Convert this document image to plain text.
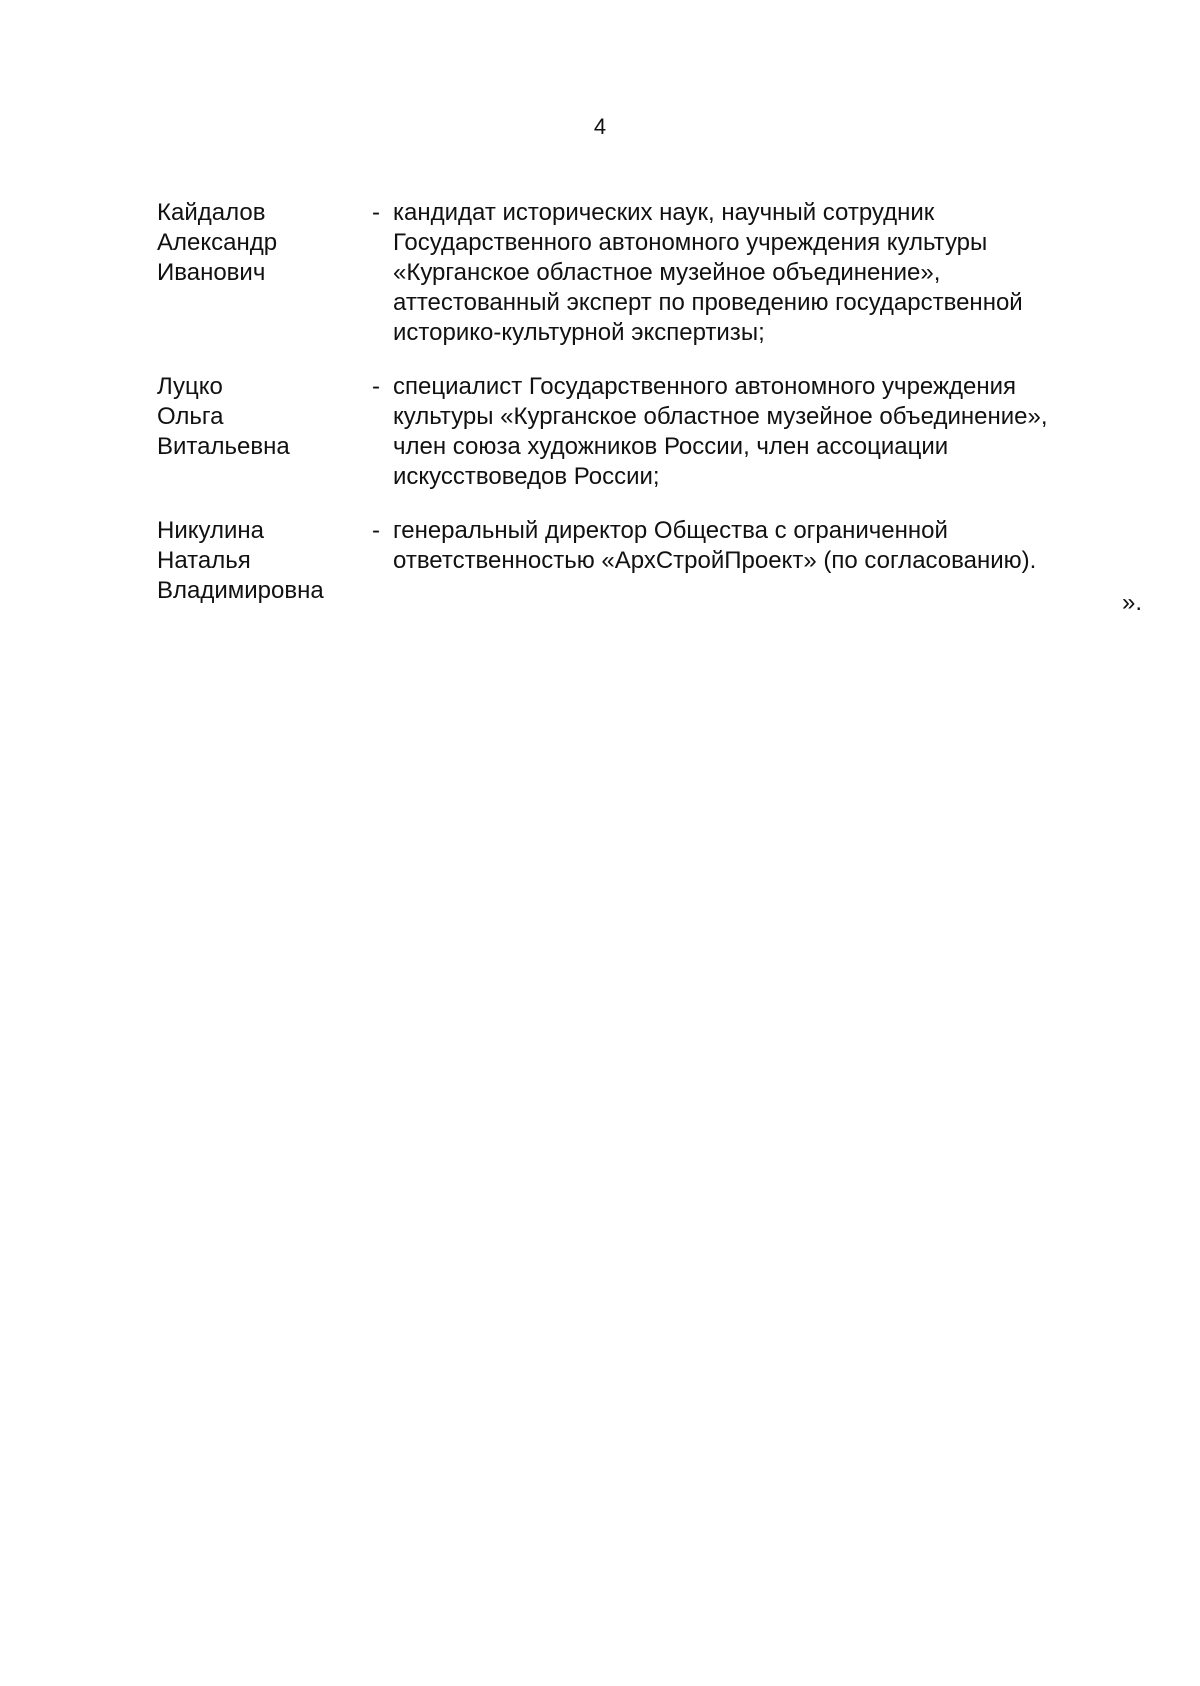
4
Кайдалов
Александр
Иванович
- кандидат исторических наук, научный сотрудник
Государственного автономного учреждения культуры
«Курганское областное музейное объединение»,
аттестованный эксперт по проведению государственной
историко-культурной экспертизы;
Луцко
Ольга
Витальевна
- специалист Государственного автономного учреждения
культуры «Курганское областное музейное объединение»,
член союза художников России, член ассоциации
искусствоведов России;
Никулина
Наталья
Владимировна
- генеральный директор Общества с ограниченной
ответственностью «АрхСтройПроект» (по согласованию).
».
